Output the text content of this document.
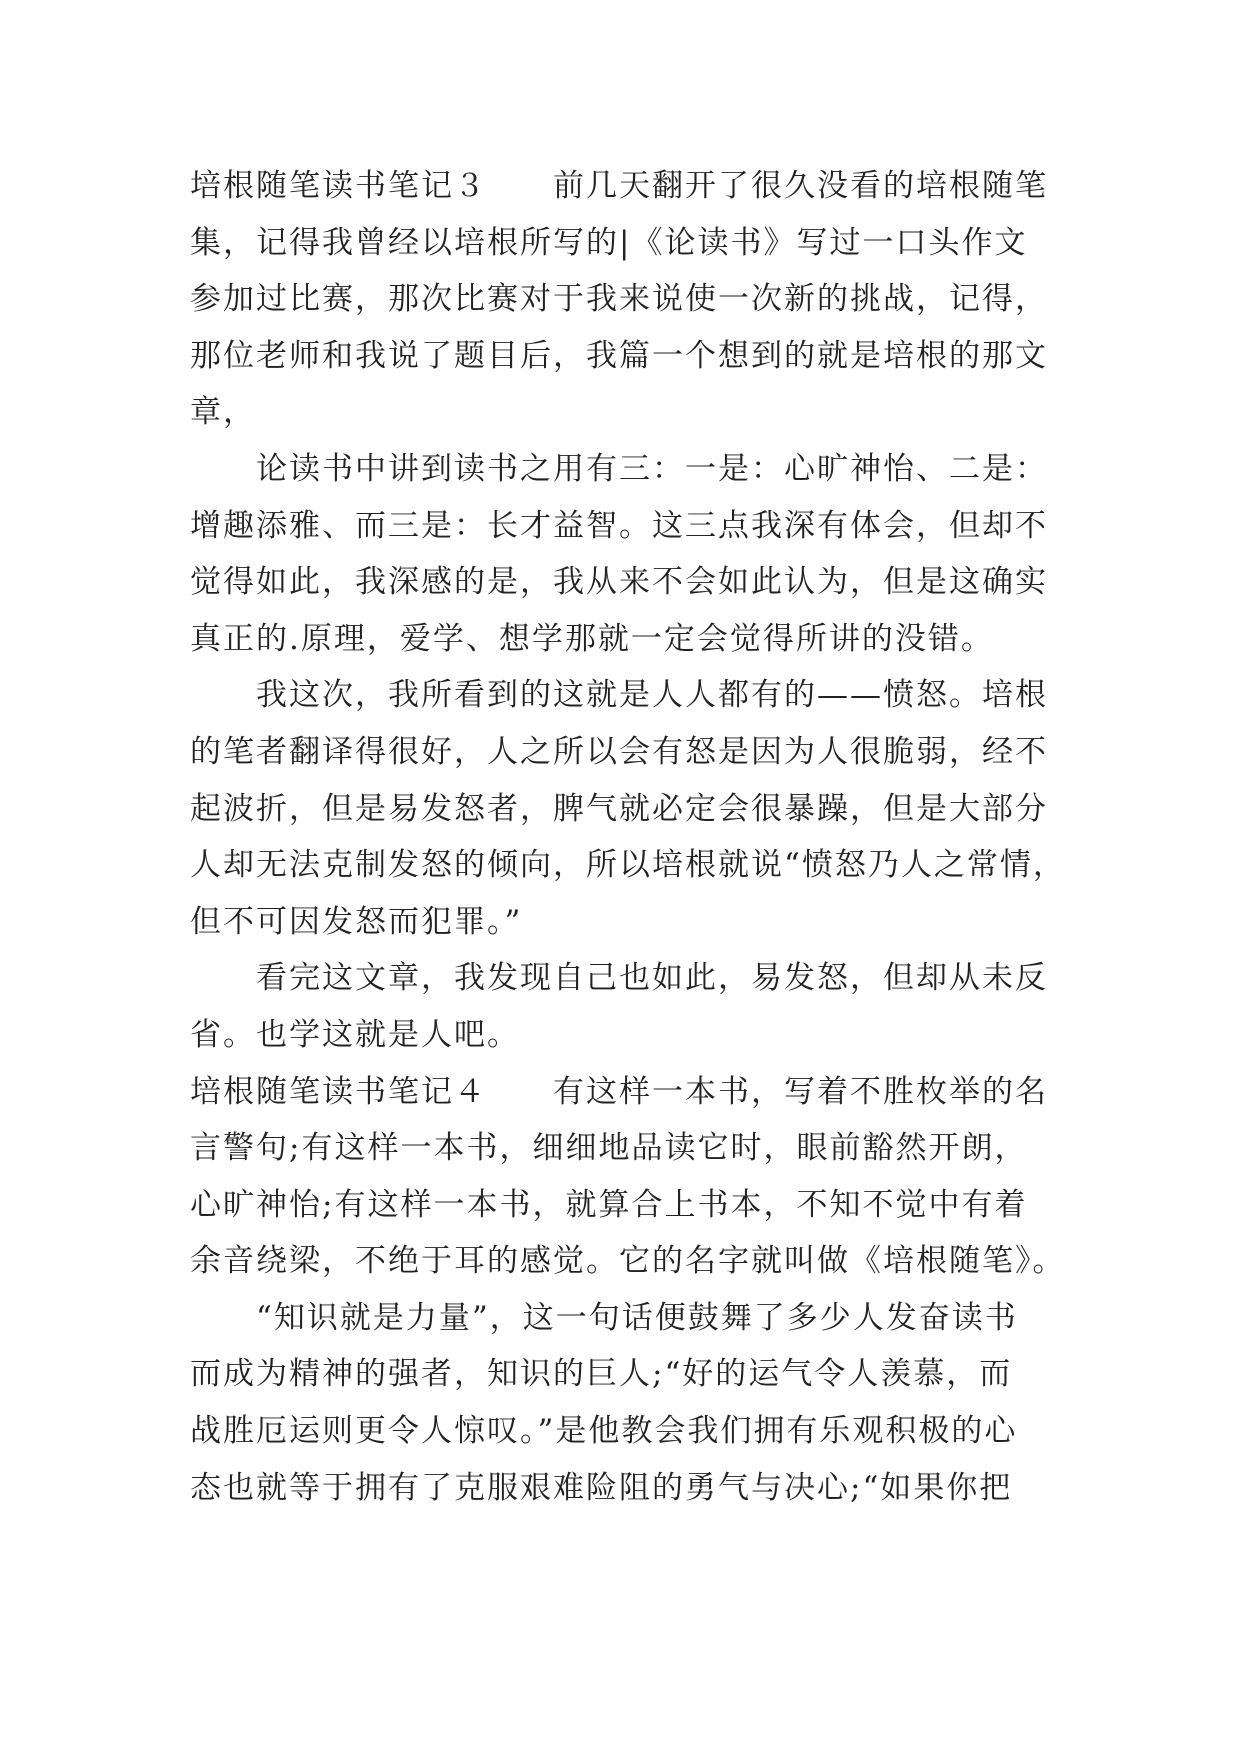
培根随笔读书笔记３　　前几天翻开了很久没看的培根随笔
集，记得我曾经以培根所写的|《论读书》写过一口头作文
参加过比赛，那次比赛对于我来说使一次新的挑战，记得，
那位老师和我说了题目后，我篇一个想到的就是培根的那文
章，
论读书中讲到读书之用有三：一是：心旷神怡、二是：
增趣添雅、而三是：长才益智。这三点我深有体会，但却不
觉得如此，我深感的是，我从来不会如此认为，但是这确实
真正的.原理，爱学、想学那就一定会觉得所讲的没错。
我这次，我所看到的这就是人人都有的——愤怒。培根
的笔者翻译得很好，人之所以会有怒是因为人很脆弱，经不
起波折，但是易发怒者，脾气就必定会很暴躁，但是大部分
人却无法克制发怒的倾向，所以培根就说“愤怒乃人之常情，
但不可因发怒而犯罪。”
看完这文章，我发现自己也如此，易发怒，但却从未反
省。也学这就是人吧。
培根随笔读书笔记４　　有这样一本书，写着不胜枚举的名
言警句;有这样一本书，细细地品读它时，眼前豁然开朗，
心旷神怡;有这样一本书，就算合上书本，不知不觉中有着
余音绕梁，不绝于耳的感觉。它的名字就叫做《培根随笔》。
“知识就是力量”，这一句话便鼓舞了多少人发奋读书
而成为精神的强者，知识的巨人;“好的运气令人羡慕，而
战胜厄运则更令人惊叹。”是他教会我们拥有乐观积极的心
态也就等于拥有了克服艰难险阻的勇气与决心;“如果你把
